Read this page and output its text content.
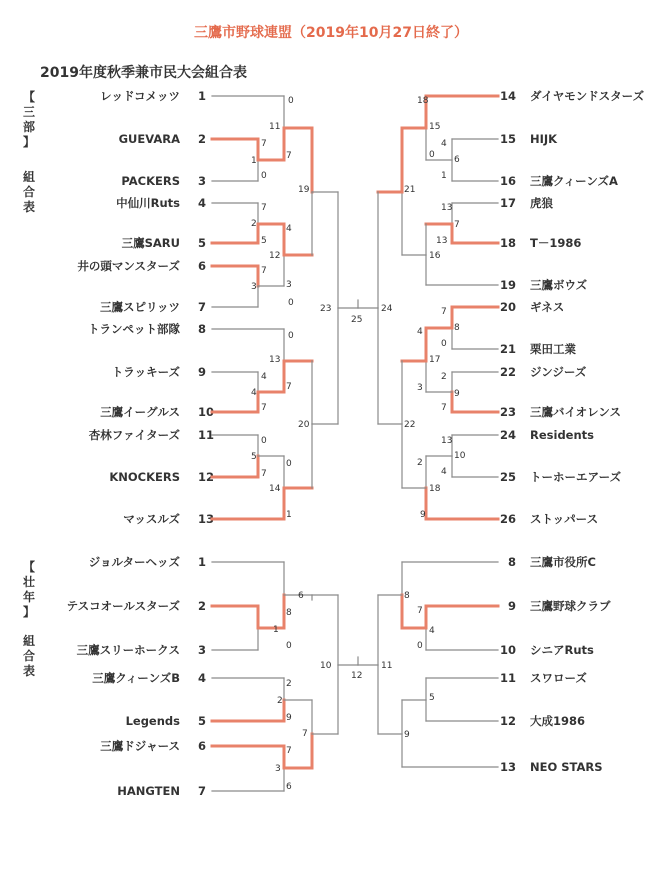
三鷹市野球連盟（2019年10月27日終了）
2019年度秋季兼市民大会組合表
【
三
部
】
組
合
表
【
壮
年
】
組
合
表
レッドコメッツ 1
GUEVARA 2
PACKERS 3
中仙川Ruts 4
三鷹SARU 5
井の頭マンスターズ 6
三鷹スピリッツ 7
トランペット部隊 8
トラッキーズ 9
三鷹イーグルス 10
杏林ファイターズ 11
KNOCKERS 12
マッスルズ 13
14 ダイヤモンドスターズ
15 HIJK
16 三鷹クィーンズA
17 虎狼
18 T－1986
19 三鷹ボウズ
20 ギネス
21 栗田工業
22 ジンジーズ
23 三鷹バイオレンス
24 Residents
25 トーホーエアーズ
26 ストッパース
0
11
7
1	7
0
7
2
5
4
12
7
3	3
0
19
0
13
4
4
7
7
0
5
7
0
14
1
20
23
25
18
15
4
0 6
1
13
7
13
16
21
7
8
0
4
17
2
3
9
7
13
10
2
4
18
9
22
24
ジョルターヘッズ 1
テスコオールスターズ 2
三鷹スリーホークス 3
三鷹クィーンズB 4
Legends 5
三鷹ドジャース 6
HANGTEN 7
8 三鷹市役所C
9 三鷹野球クラブ
10 シニアRuts
11 スワローズ
12 大成1986
13 NEO STARS
6
8
1
0
2
2
9
7
3
6
7
10
12
8
7
4
0
5
9
11
